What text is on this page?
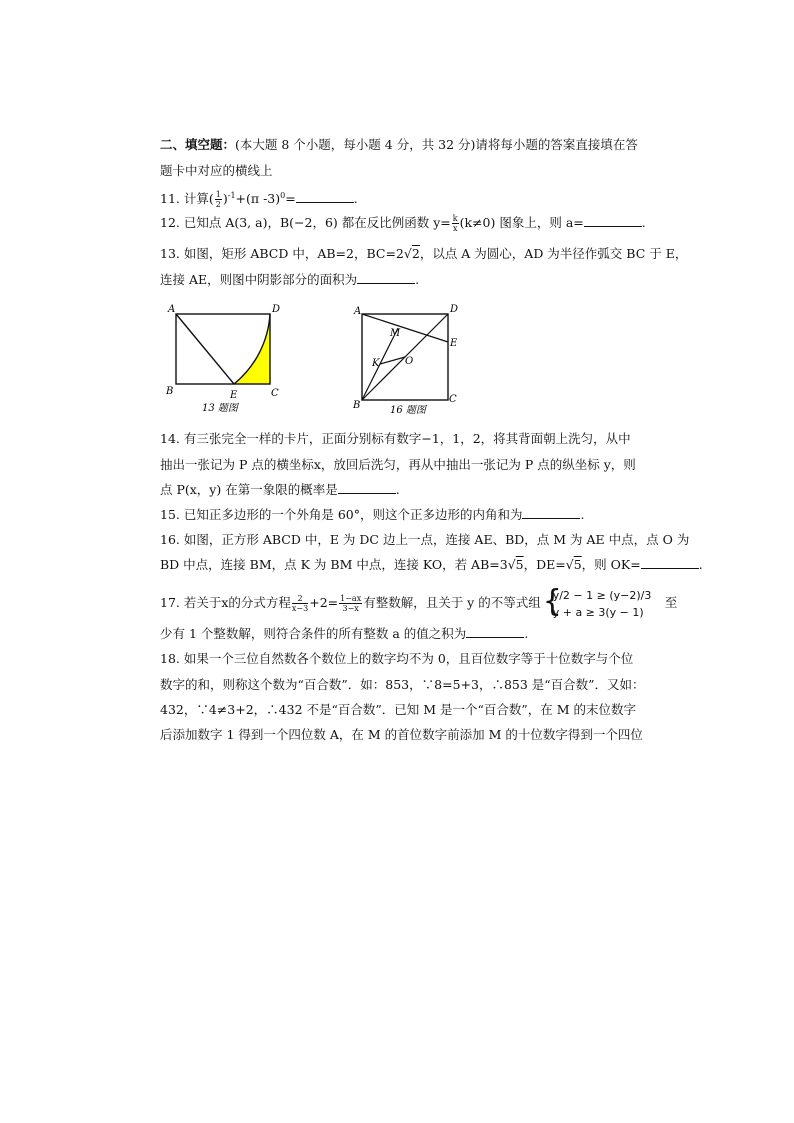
二、填空题：(本大题 8 个小题，每小题 4 分，共 32 分)请将每小题的答案直接填在答
题卡中对应的横线上
11. 计算( $\frac{1}{2} )^{-1}+(\pi$ -3)$^0$=	.
12. 已知点 A(3, a)，B(−2，6) 都在反比例函数 $y= \frac{k}{x} (k\ne 0)$ 图象上，则 a=	.
13. 如图，矩形 ABCD 中，AB=2，BC=2√2，以点 A 为圆心，AD 为半径作弧交 BC 于 E，
连接 AE，则图中阴影部分的面积为	.
A	D
B	E	C
13 题图
A	D
M
E
K	O
B
C
16 题图
14. 有三张完全一样的卡片，正面分别标有数字−1，1，2，将其背面朝上洗匀，从中
抽出一张记为 P 点的横坐标x，放回后洗匀，再从中抽出一张记为 P 点的纵坐标 y，则
点 P(x，y) 在第一象限的概率是	.
15. 已知正多边形的一个外角是 60°，则这个正多边形的内角和为	.
16. 如图，正方形 ABCD 中，E 为 DC 边上一点，连接 AE、BD，点 M 为 AE 中点，点 O 为
BD 中点，连接 BM，点 K 为 BM 中点，连接 KO，若 AB=3√5，DE=√5，则 OK=	.
17. 若关于x的分式方程 $\frac{2}{x-3} +2= \frac{1-ax}{3-x}$ 有整数解，且关于 y 的不等式组 {
y/2 − 1 ≥ (y−2)/3
y + a ≥ 3(y − 1)
至
少有 1 个整数解，则符合条件的所有整数 a 的值之积为	.
18. 如果一个三位自然数各个数位上的数字均不为 0，且百位数字等于十位数字与个位
数字的和，则称这个数为“百合数”．如：853，∵8=5+3，∴853 是“百合数”．又如：
432，∵4≠3+2，∴432 不是“百合数”．已知 M 是一个“百合数”，在 M 的末位数字
后添加数字 1 得到一个四位数 A，在 M 的首位数字前添加 M 的十位数字得到一个四位
